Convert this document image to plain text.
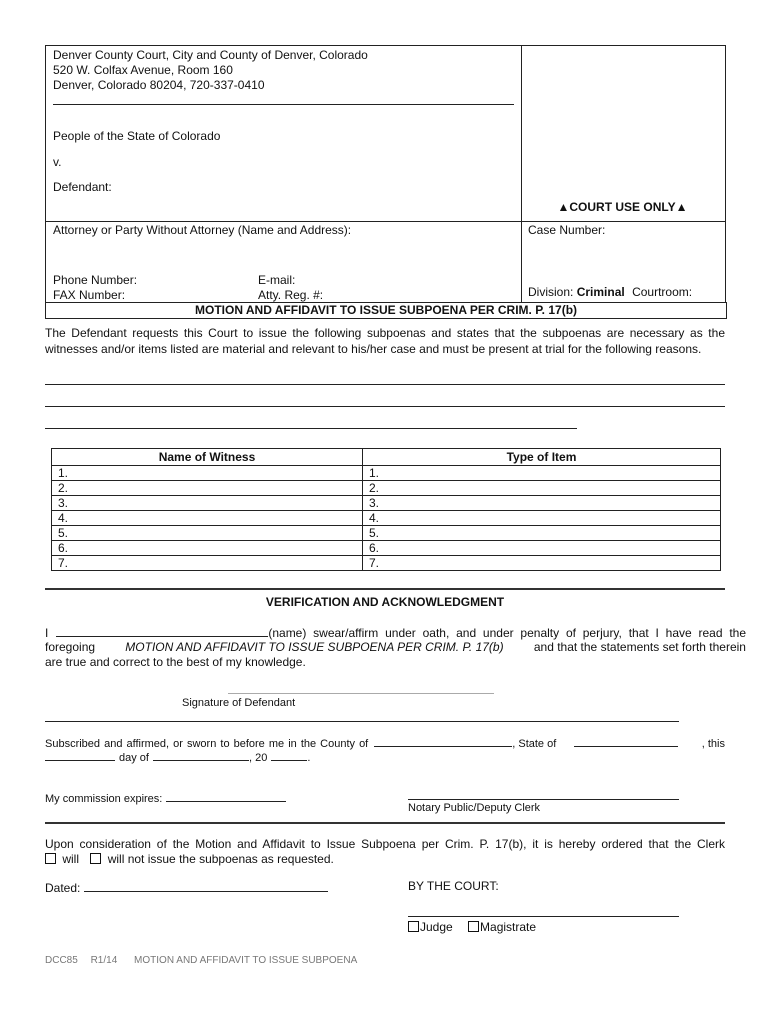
Denver County Court, City and County of Denver, Colorado
520 W. Colfax Avenue, Room 160
Denver, Colorado 80204, 720-337-0410
People of the State of Colorado
v.
Defendant:
▲COURT USE ONLY▲
Attorney or Party Without Attorney (Name and Address):
Phone Number:
FAX Number:
E-mail:
Atty. Reg. #:
Case Number:
Division: Criminal Courtroom:
MOTION AND AFFIDAVIT TO ISSUE SUBPOENA PER CRIM. P. 17(b)
The Defendant requests this Court to issue the following subpoenas and states that the subpoenas are necessary as the witnesses and/or items listed are material and relevant to his/her case and must be present at trial for the following reasons.
Name of Witness	Type of Item
1.	1.
2.	2.
3.	3.
4.	4.
5.	5.
6.	6.
7.	7.
VERIFICATION AND ACKNOWLEDGMENT
I	(name) swear/affirm under oath, and under penalty of perjury, that I have read the
foregoing	MOTION AND AFFIDAVIT TO ISSUE SUBPOENA PER CRIM. P. 17(b)	and that the statements set forth therein
are true and correct to the best of my knowledge.
Signature of Defendant
Subscribed and affirmed, or sworn to before me in the County of	, State of	, this
day of	, 20	.
My commission expires:
Notary Public/Deputy Clerk
Upon consideration of the Motion and Affidavit to Issue Subpoena per Crim. P. 17(b), it is hereby ordered that the Clerk
will will not issue the subpoenas as requested.
Dated:	BY THE COURT:
Judge Magistrate
DCC85 R1/14 MOTION AND AFFIDAVIT TO ISSUE SUBPOENA
